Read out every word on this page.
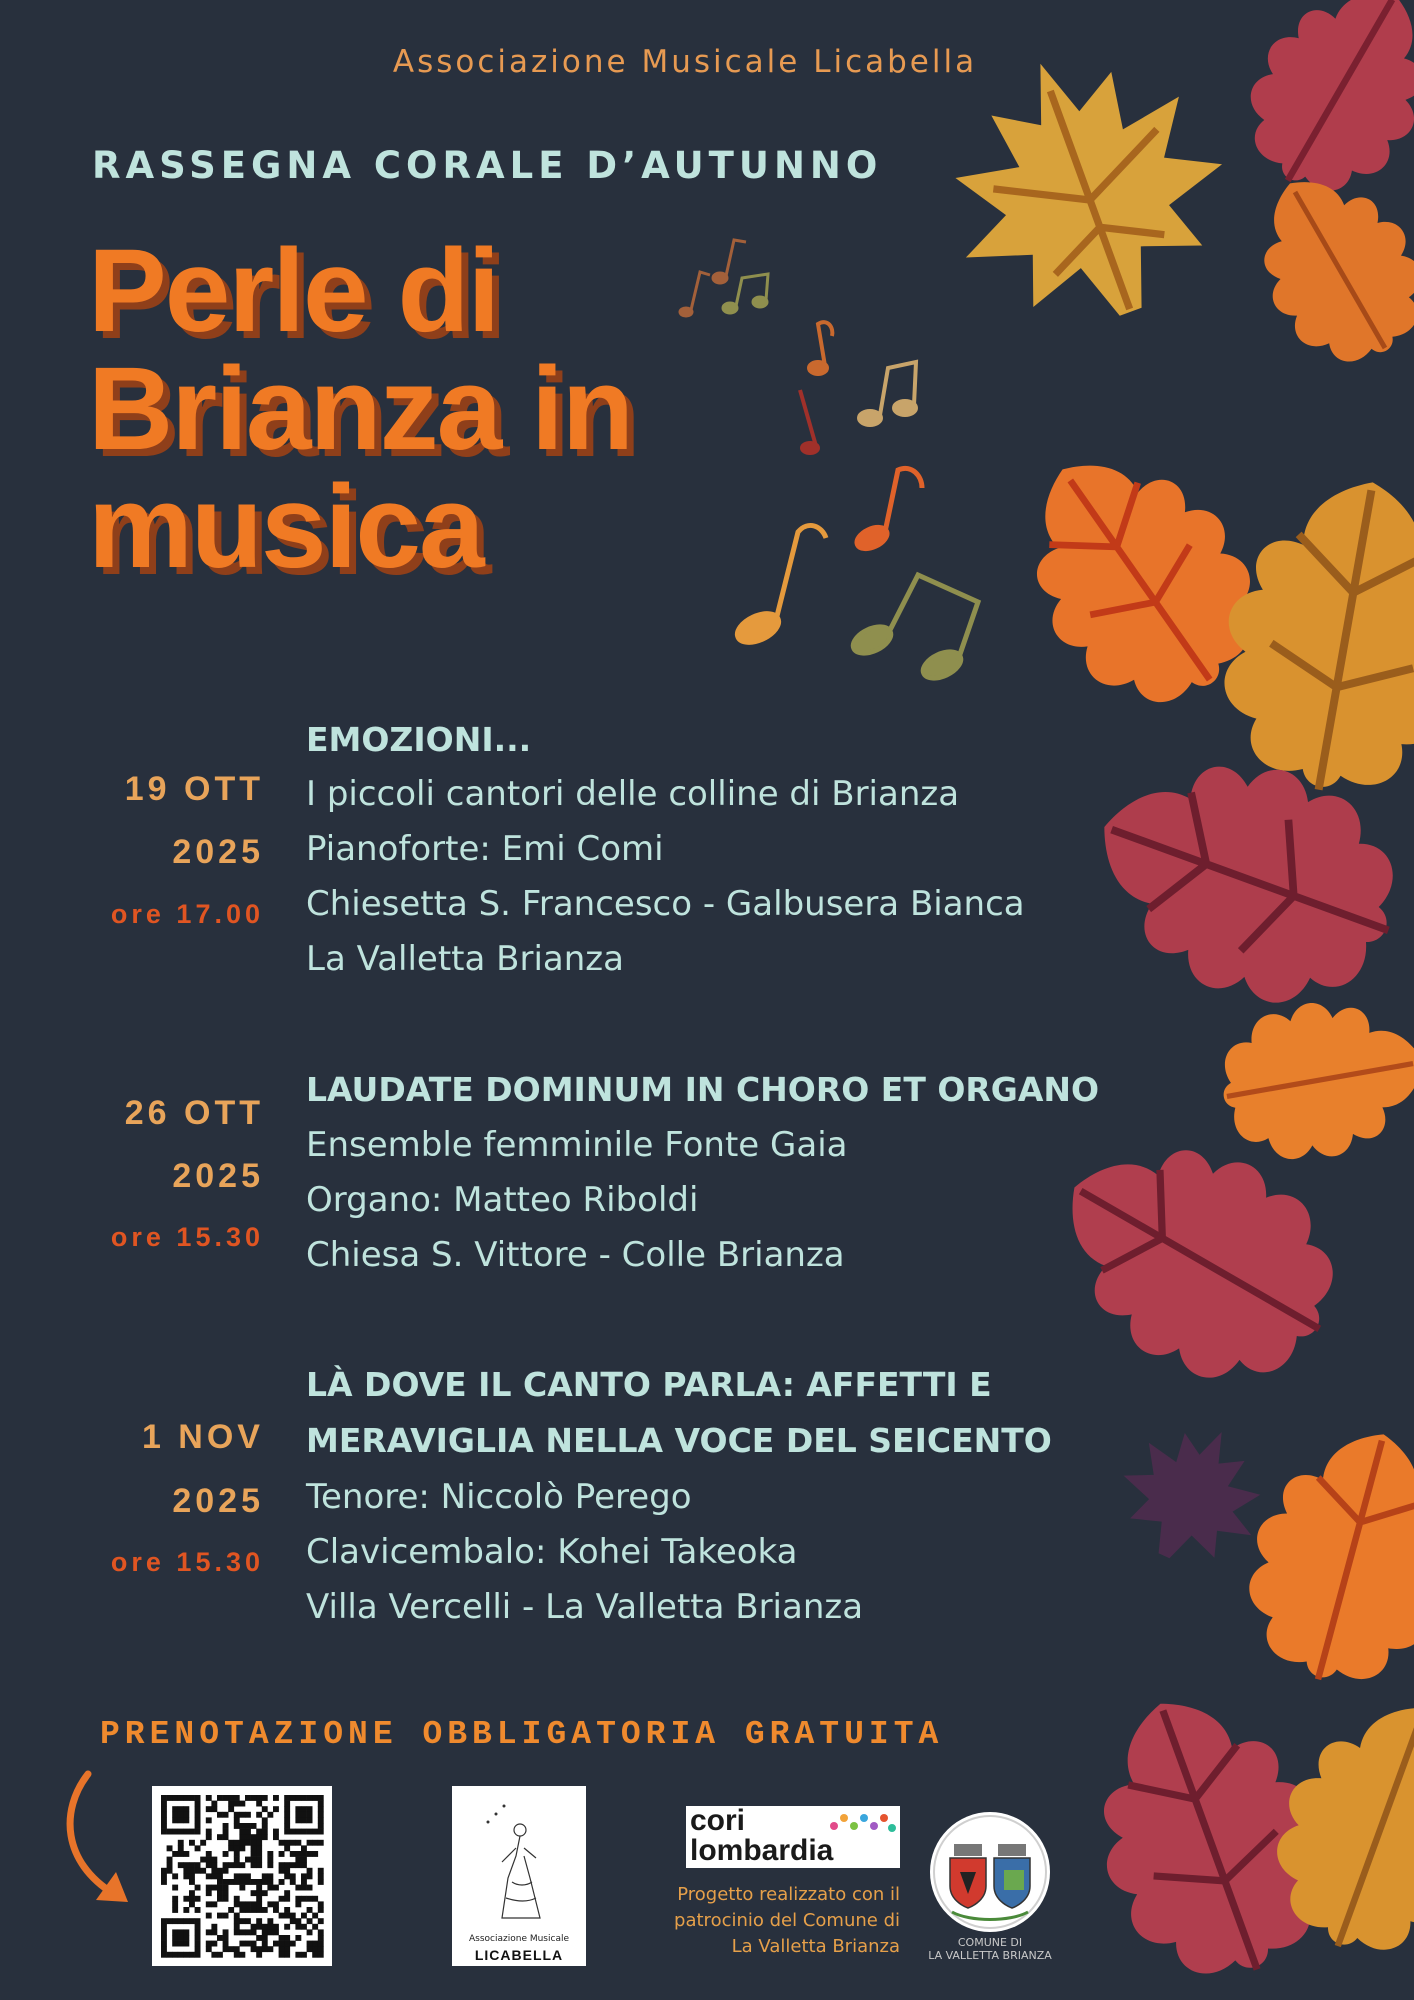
Associazione Musicale Licabella
RASSEGNA CORALE D’AUTUNNO
Perle di
Brianza in
musica
19 OTT
2025
ore 17.00
EMOZIONI...
I piccoli cantori delle colline di Brianza
Pianoforte: Emi Comi
Chiesetta S. Francesco - Galbusera Bianca
La Valletta Brianza
26 OTT
2025
ore 15.30
LAUDATE DOMINUM IN CHORO ET ORGANO
Ensemble femminile Fonte Gaia
Organo: Matteo Riboldi
Chiesa S. Vittore - Colle Brianza
1 NOV
2025
ore 15.30
LÀ DOVE IL CANTO PARLA: AFFETTI E
MERAVIGLIA NELLA VOCE DEL SEICENTO
Tenore: Niccolò Perego
Clavicembalo: Kohei Takeoka
Villa Vercelli - La Valletta Brianza
PRENOTAZIONE OBBLIGATORIA GRATUITA
Associazione Musicale
LICABELLA
cori
lombardia
Progetto realizzato con il
patrocinio del Comune di
La Valletta Brianza	COMUNE DI
LA VALLETTA BRIANZA
